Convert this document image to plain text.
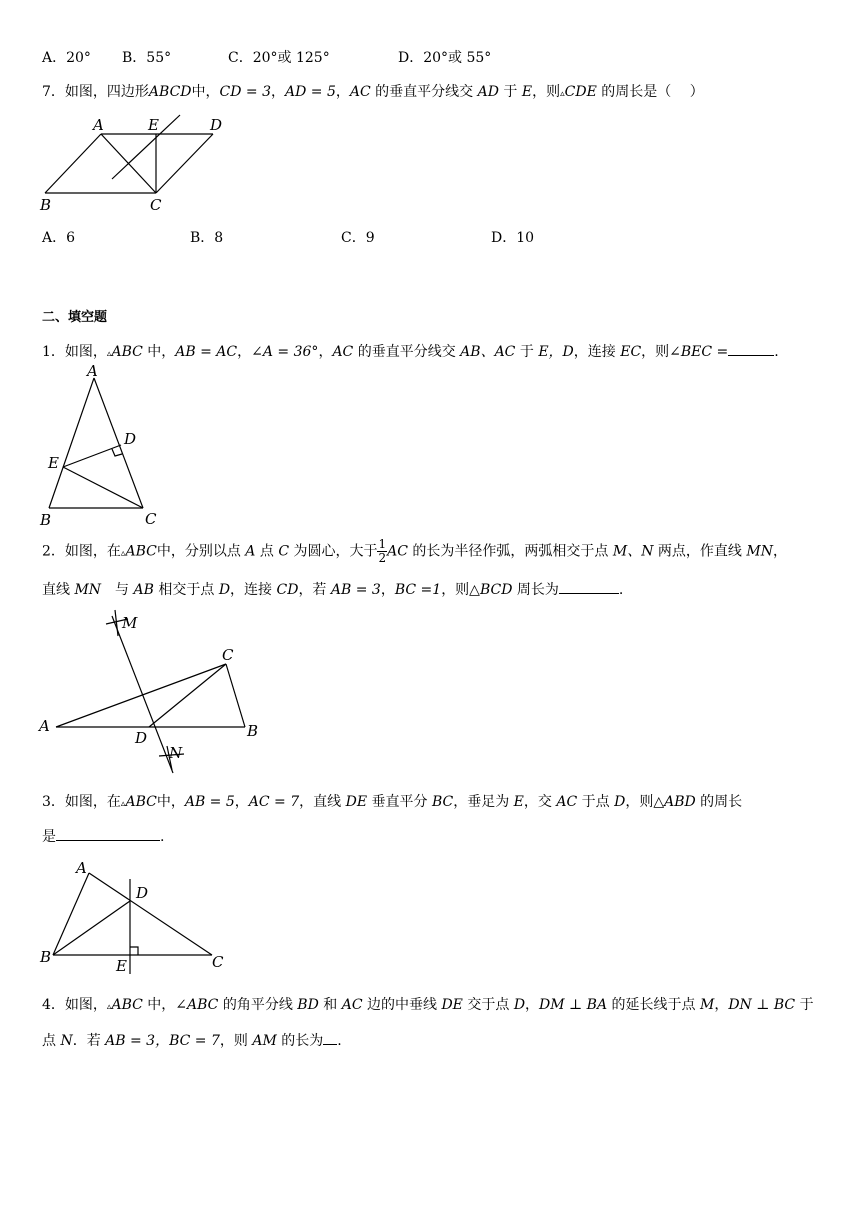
A．20° B．55°	C．20°或 125°	D．20°或 55°
7．如图，四边形ABCD中，CD = 3，AD = 5，AC 的垂直平分线交 AD 于 E，则▵CDE 的周长是（　 ）
A	E	D
B	C
A．6	B．8	C．9	D．10
二、填空题
1．如图，▵ABC 中，AB = AC，∠A = 36°，AC 的垂直平分线交 AB、AC 于 E，D，连接 EC，则∠BEC =	.
A
D
E
B	C
2．如图，在▵ABC中，分别以点 A 点 C 为圆心，大于 $\frac{1}{2}$ AC 的长为半径作弧，两弧相交于点 M、N 两点，作直线 MN，
直线 MN　与 AB 相交于点 D，连接 CD，若 AB = 3，BC =1，则△BCD 周长为	.
M
C
A
D	B
N
3．如图，在▵ABC中，AB = 5，AC = 7，直线 DE 垂直平分 BC，垂足为 E，交 AC 于点 D，则△ABD 的周长
是	.
A
D
B	E	C
4．如图，▵ABC 中，∠ABC 的角平分线 BD 和 AC 边的中垂线 DE 交于点 D，DM ⊥ BA 的延长线于点 M，DN ⊥ BC 于
点 N．若 AB = 3，BC = 7，则 AM 的长为 .
